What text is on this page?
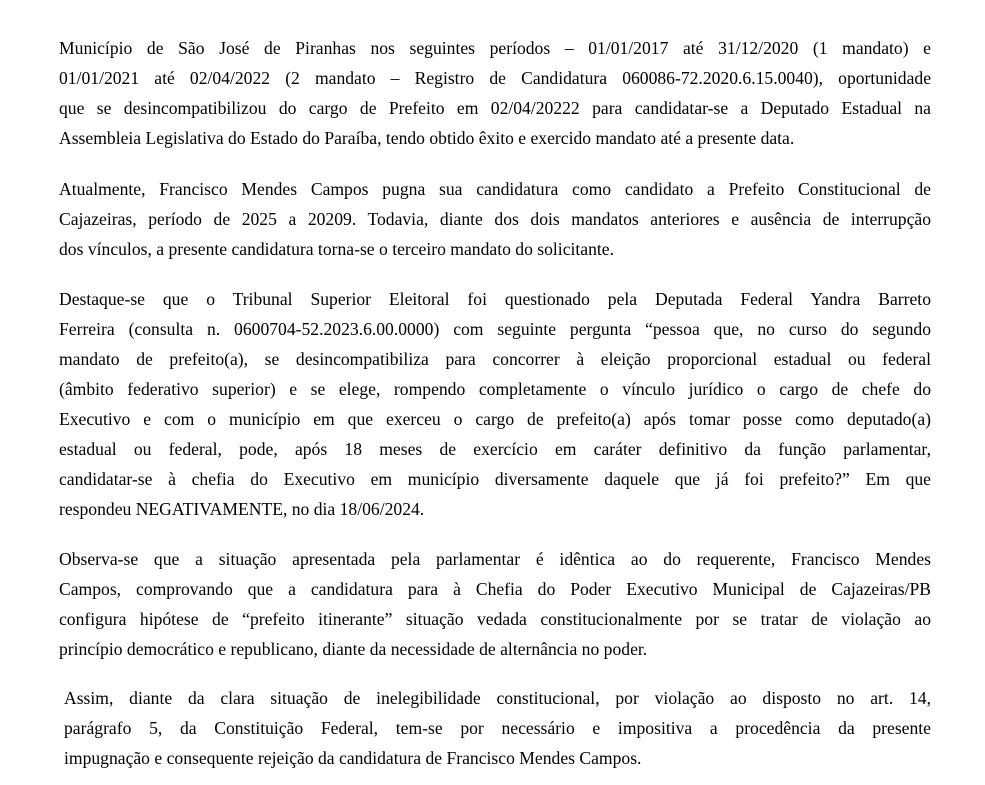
Município de São José de Piranhas nos seguintes períodos – 01/01/2017 até 31/12/2020 (1 mandato) e
01/01/2021 até 02/04/2022 (2 mandato – Registro de Candidatura 060086-72.2020.6.15.0040), oportunidade
que se desincompatibilizou do cargo de Prefeito em 02/04/20222 para candidatar-se a Deputado Estadual na
Assembleia Legislativa do Estado do Paraíba, tendo obtido êxito e exercido mandato até a presente data.

Atualmente, Francisco Mendes Campos pugna sua candidatura como candidato a Prefeito Constitucional de
Cajazeiras, período de 2025 a 20209. Todavia, diante dos dois mandatos anteriores e ausência de interrupção
dos vínculos, a presente candidatura torna-se o terceiro mandato do solicitante.

Destaque-se que o Tribunal Superior Eleitoral foi questionado pela Deputada Federal Yandra Barreto
Ferreira (consulta n. 0600704-52.2023.6.00.0000) com seguinte pergunta “pessoa que, no curso do segundo
mandato de prefeito(a), se desincompatibiliza para concorrer à eleição proporcional estadual ou federal
(âmbito federativo superior) e se elege, rompendo completamente o vínculo jurídico o cargo de chefe do
Executivo e com o município em que exerceu o cargo de prefeito(a) após tomar posse como deputado(a)
estadual ou federal, pode, após 18 meses de exercício em caráter definitivo da função parlamentar,
candidatar-se à chefia do Executivo em município diversamente daquele que já foi prefeito?” Em que
respondeu NEGATIVAMENTE, no dia 18/06/2024.

Observa-se que a situação apresentada pela parlamentar é idêntica ao do requerente, Francisco Mendes
Campos, comprovando que a candidatura para à Chefia do Poder Executivo Municipal de Cajazeiras/PB
configura hipótese de “prefeito itinerante” situação vedada constitucionalmente por se tratar de violação ao
princípio democrático e republicano, diante da necessidade de alternância no poder.

Assim, diante da clara situação de inelegibilidade constitucional, por violação ao disposto no art. 14,
parágrafo 5, da Constituição Federal, tem-se por necessário e impositiva a procedência da presente
impugnação e consequente rejeição da candidatura de Francisco Mendes Campos.
